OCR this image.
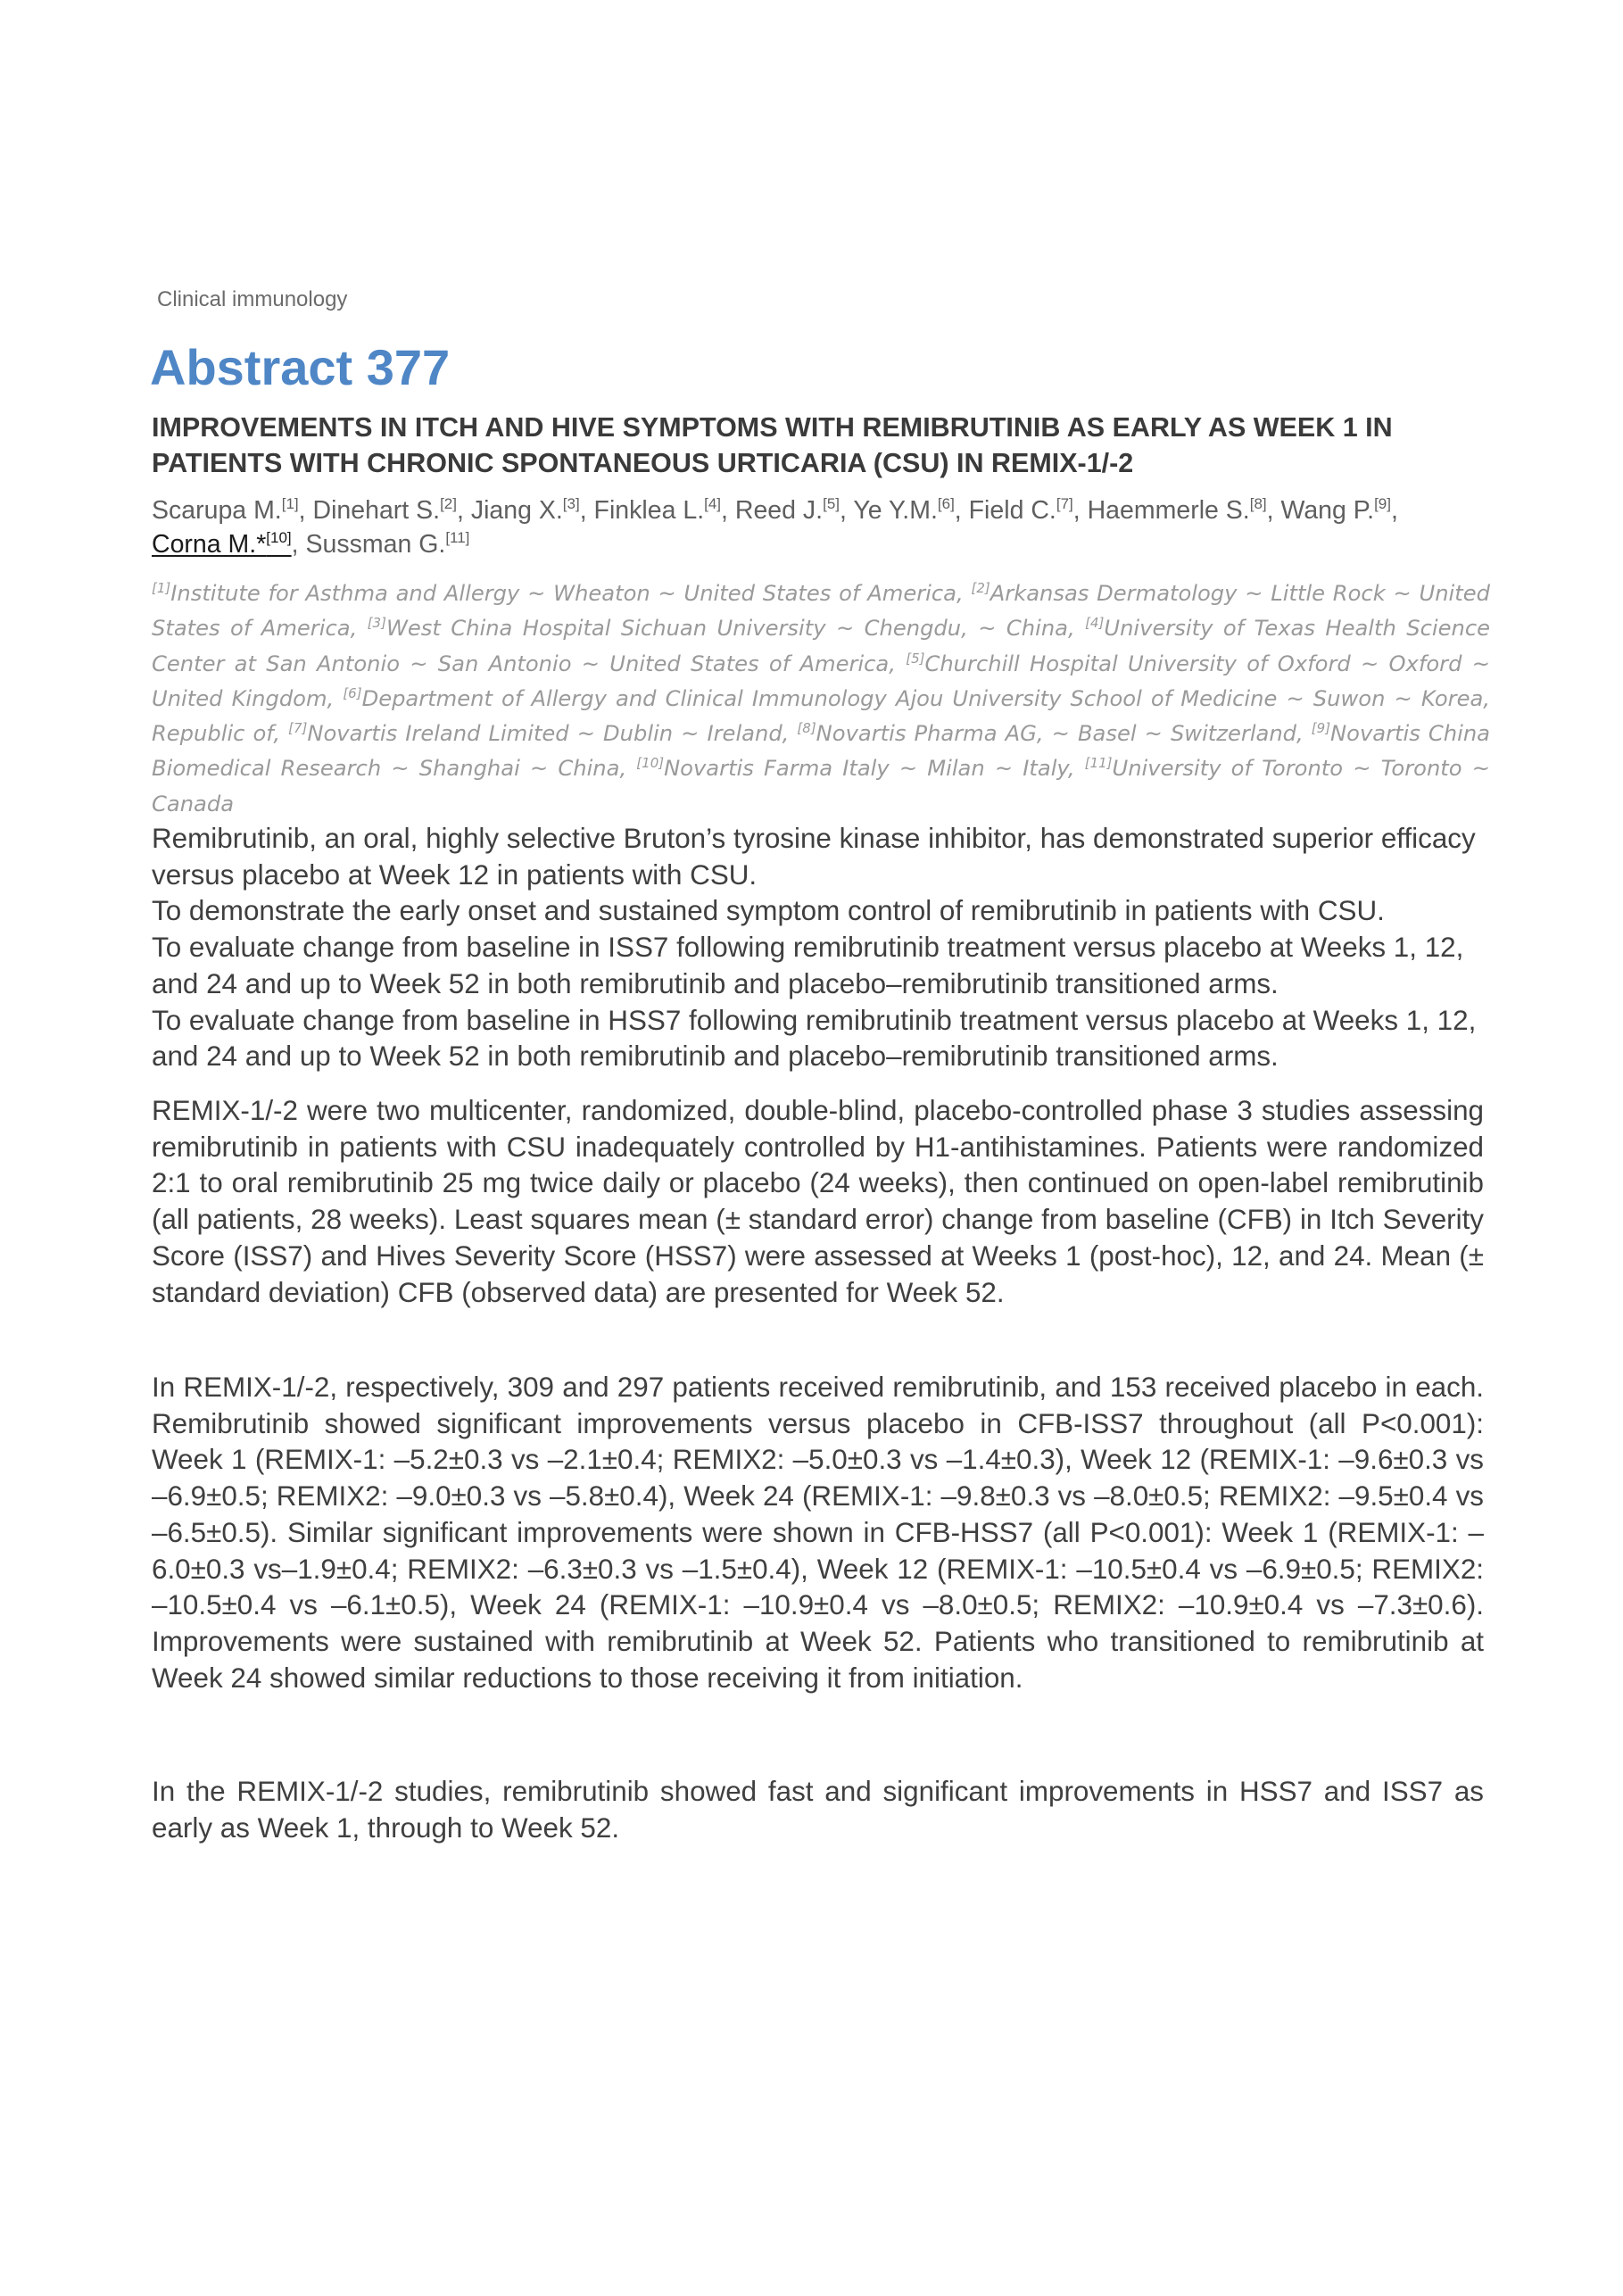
Clinical immunology
Abstract 377
IMPROVEMENTS IN ITCH AND HIVE SYMPTOMS WITH REMIBRUTINIB AS EARLY AS WEEK 1 IN PATIENTS WITH CHRONIC SPONTANEOUS URTICARIA (CSU) IN REMIX-1/-2
Scarupa M.[1], Dinehart S.[2], Jiang X.[3], Finklea L.[4], Reed J.[5], Ye Y.M.[6], Field C.[7], Haemmerle S.[8], Wang P.[9],
Corna M.*[10], Sussman G.[11]
[1]Institute for Asthma and Allergy ~ Wheaton ~ United States of America, [2]Arkansas Dermatology ~ Little Rock ~ United States of America, [3]West China Hospital Sichuan University ~ Chengdu, ~ China, [4]University of Texas Health Science Center at San Antonio ~ San Antonio ~ United States of America, [5]Churchill Hospital University of Oxford ~ Oxford ~ United Kingdom, [6]Department of Allergy and Clinical Immunology Ajou University School of Medicine ~ Suwon ~ Korea, Republic of, [7]Novartis Ireland Limited ~ Dublin ~ Ireland, [8]Novartis Pharma AG, ~ Basel ~ Switzerland, [9]Novartis China Biomedical Research ~ Shanghai ~ China, [10]Novartis Farma Italy ~ Milan ~ Italy, [11]University of Toronto ~ Toronto ~ Canada

Remibrutinib, an oral, highly selective Bruton’s tyrosine kinase inhibitor, has demonstrated superior efficacy versus placebo at Week 12 in patients with CSU.

To demonstrate the early onset and sustained symptom control of remibrutinib in patients with CSU.

To evaluate change from baseline in ISS7 following remibrutinib treatment versus placebo at Weeks 1, 12, and 24 and up to Week 52 in both remibrutinib and placebo–remibrutinib transitioned arms.

To evaluate change from baseline in HSS7 following remibrutinib treatment versus placebo at Weeks 1, 12, and 24 and up to Week 52 in both remibrutinib and placebo–remibrutinib transitioned arms.

REMIX-1/-2 were two multicenter, randomized, double-blind, placebo-controlled phase 3 studies assessing remibrutinib in patients with CSU inadequately controlled by H1-antihistamines. Patients were randomized 2:1 to oral remibrutinib 25 mg twice daily or placebo (24 weeks), then continued on open-label remibrutinib (all patients, 28 weeks). Least squares mean (± standard error) change from baseline (CFB) in Itch Severity Score (ISS7) and Hives Severity Score (HSS7) were assessed at Weeks 1 (post-hoc), 12, and 24. Mean (± standard deviation) CFB (observed data) are presented for Week 52.

In REMIX-1/-2, respectively, 309 and 297 patients received remibrutinib, and 153 received placebo in each. Remibrutinib showed significant improvements versus placebo in CFB-ISS7 throughout (all P<0.001): Week 1 (REMIX-1: –5.2±0.3 vs –2.1±0.4; REMIX2: –5.0±0.3 vs –1.4±0.3), Week 12 (REMIX-1: –9.6±0.3 vs –6.9±0.5; REMIX2: –9.0±0.3 vs –5.8±0.4), Week 24 (REMIX-1: –9.8±0.3 vs –8.0±0.5; REMIX2: –9.5±0.4 vs –6.5±0.5). Similar significant improvements were shown in CFB-HSS7 (all P<0.001): Week 1 (REMIX-1: –6.0±0.3 vs–1.9±0.4; REMIX2: –6.3±0.3 vs –1.5±0.4), Week 12 (REMIX-1: –10.5±0.4 vs –6.9±0.5; REMIX2: –10.5±0.4 vs –6.1±0.5), Week 24 (REMIX-1: –10.9±0.4 vs –8.0±0.5; REMIX2: –10.9±0.4 vs –7.3±0.6). Improvements were sustained with remibrutinib at Week 52. Patients who transitioned to remibrutinib at Week 24 showed similar reductions to those receiving it from initiation.

In the REMIX-1/-2 studies, remibrutinib showed fast and significant improvements in HSS7 and ISS7 as early as Week 1, through to Week 52.
